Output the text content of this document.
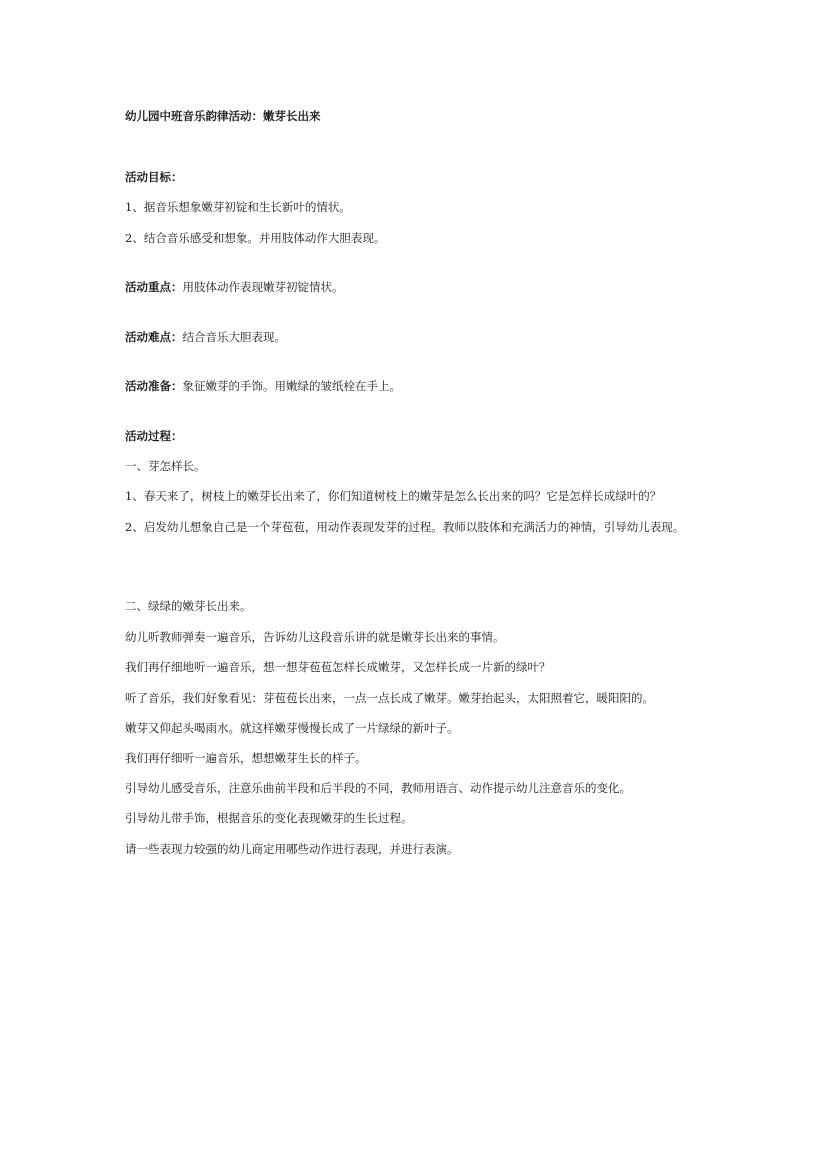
幼儿园中班音乐韵律活动：嫩芽长出来
活动目标：
1、据音乐想象嫩芽初锭和生长新叶的情状。
2、结合音乐感受和想象。并用肢体动作大胆表现。
活动重点：用肢体动作表现嫩芽初锭情状。
活动难点：结合音乐大胆表现。
活动准备：象征嫩芽的手饰。用嫩绿的皱纸栓在手上。
活动过程：
一、芽怎样长。
1、春天来了，树枝上的嫩芽长出来了，你们知道树枝上的嫩芽是怎么长出来的吗？它是怎样长成绿叶的？
2、启发幼儿想象自己是一个芽苞苞，用动作表现发芽的过程。教师以肢体和充满活力的神情，引导幼儿表现。
二、绿绿的嫩芽长出来。
幼儿听教师弹奏一遍音乐，告诉幼儿这段音乐讲的就是嫩芽长出来的事情。
我们再仔细地听一遍音乐，想一想芽苞苞怎样长成嫩芽，又怎样长成一片新的绿叶？
听了音乐，我们好象看见：芽苞苞长出来，一点一点长成了嫩芽。嫩芽抬起头，太阳照着它，暖阳阳的。
嫩芽又仰起头喝雨水。就这样嫩芽慢慢长成了一片绿绿的新叶子。
我们再仔细听一遍音乐，想想嫩芽生长的样子。
引导幼儿感受音乐，注意乐曲前半段和后半段的不同，教师用语言、动作提示幼儿注意音乐的变化。
引导幼儿带手饰，根据音乐的变化表现嫩芽的生长过程。
请一些表现力较强的幼儿商定用哪些动作进行表现，并进行表演。
